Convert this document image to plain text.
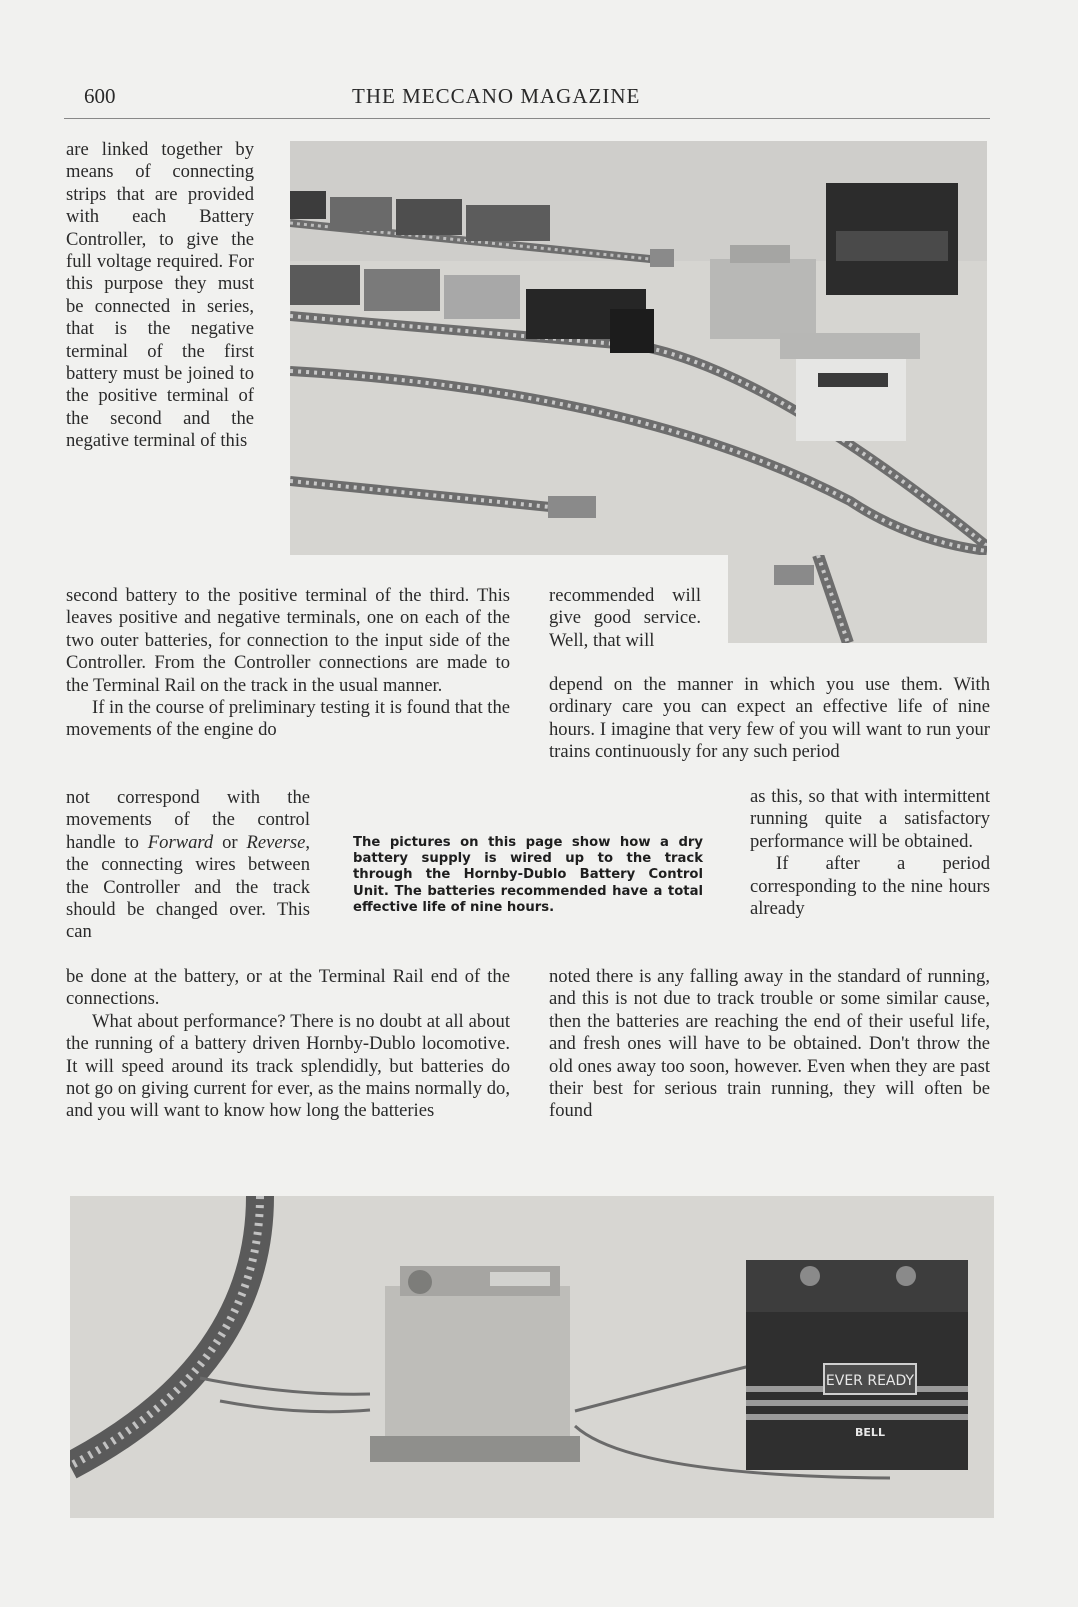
600	THE MECCANO MAGAZINE

are linked together by means of connecting strips that are provided with each Battery Controller, to give the full voltage required. For this purpose they must be connected in series, that is the negative terminal of the first battery must be joined to the positive terminal of the second and the negative terminal of this

second battery to the positive terminal of the third. This leaves positive and negative terminals, one on each of the two outer batteries, for connection to the input side of the Controller. From the Controller connections are made to the Terminal Rail on the track in the usual manner.

If in the course of preliminary testing it is found that the movements of the engine do

not correspond with the movements of the control handle to Forward or Reverse, the connecting wires between the Controller and the track should be changed over. This can

be done at the battery, or at the Terminal Rail end of the connections.

What about performance? There is no doubt at all about the running of a battery driven Hornby-Dublo locomotive. It will speed around its track splendidly, but batteries do not go on giving current for ever, as the mains normally do, and you will want to know how long the batteries

The pictures on this page show how a dry battery supply is wired up to the track through the Hornby-Dublo Battery Control Unit. The batteries recommended have a total effective life of nine hours.

recommended will give good service. Well, that will

depend on the manner in which you use them. With ordinary care you can expect an effective life of nine hours. I imagine that very few of you will want to run your trains continuously for any such period

as this, so that with intermittent running quite a satisfactory performance will be obtained.

If after a period corresponding to the nine hours already

noted there is any falling away in the standard of running, and this is not due to track trouble or some similar cause, then the batteries are reaching the end of their useful life, and fresh ones will have to be obtained. Don't throw the old ones away too soon, however. Even when they are past their best for serious train running, they will often be found

EVER READY
BELL
